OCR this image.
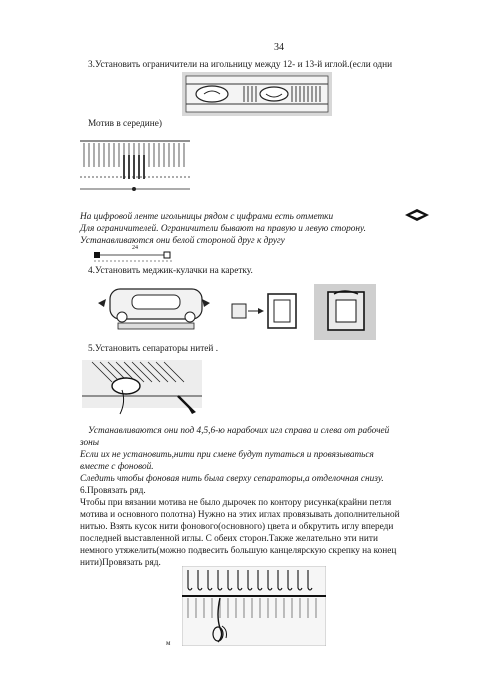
34
3.Установить ограничители на игольницу между 12- и 13-й иглой.(если одни
Мотив в середине)
На цифровой ленте игольницы рядом с цифрами есть отметки
Для ограничителей. Ограничители бывают на правую и левую сторону.
Устанавливаются они белой стороной друг к другу
24
4.Установить меджик-кулачки на каретку.
5.Установить сепараторы нитей .
Устанавливаются они под 4,5,6-ю нарабочих игл справа и слева от рабочей
зоны
Если их не установить,нити при смене будут путаться и провязываться
вместе с фоновой.
Следить чтобы фоновая нить была сверху сепараторы,а отделочная снизу.
6.Провязать ряд.
Чтобы при вязании мотива не было дырочек по контору рисунка(крайни петля
мотива и основного полотна) Нужно на этих иглах провязывать дополнительной
нитью. Взять кусок нити фонового(основного) цвета и обкрутить иглу впереди
последней выставленной иглы. С обеих сторон.Также желательно эти нити
немного утяжелить(можно подвесить большую канцелярскую скрепку на конец
нити)Провязать ряд.
м
